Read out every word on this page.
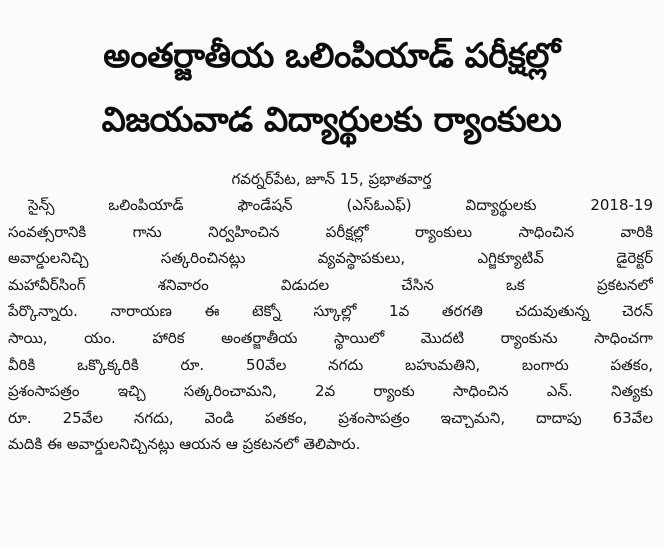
అంతర్జాతీయ ఒలింపియాడ్ పరీక్షల్లో
విజయవాడ విద్యార్థులకు ర్యాంకులు
గవర్నర్‌పేట, జూన్ 15, ప్రభాతవార్త
సైన్స్ ఒలింపియాడ్ ఫౌండేషన్ (ఎస్ఓఎఫ్) విద్యార్థులకు 2018-19
సంవత్సరానికి గాను నిర్వహించిన పరీక్షల్లో ర్యాంకులు సాధించిన వారికి
అవార్డులనిచ్చి సత్కరించినట్లు వ్యవస్థాపకులు, ఎగ్జిక్యూటివ్ డైరెక్టర్
మహావీర్‌సింగ్ శనివారం విడుదల చేసిన ఒక ప్రకటనలో
పేర్కొన్నారు. నారాయణ ఈ టెక్నో స్కూల్లో 1వ తరగతి చదువుతున్న చెరన్
సాయి, యం. హారిక అంతర్జాతీయ స్థాయిలో మొదటి ర్యాంకును సాధించగా
వీరికి ఒక్కొక్కరికి రూ. 50వేల నగదు బహుమతిని, బంగారు పతకం,
ప్రశంసాపత్రం ఇచ్చి సత్కరించామని, 2వ ర్యాంకు సాధించిన ఎన్. నిత్యకు
రూ. 25వేల నగదు, వెండి పతకం, ప్రశంసాపత్రం ఇచ్చామని, దాదాపు 63వేల
మదికి ఈ అవార్డులనిచ్చినట్లు ఆయన ఆ ప్రకటనలో తెలిపారు.
